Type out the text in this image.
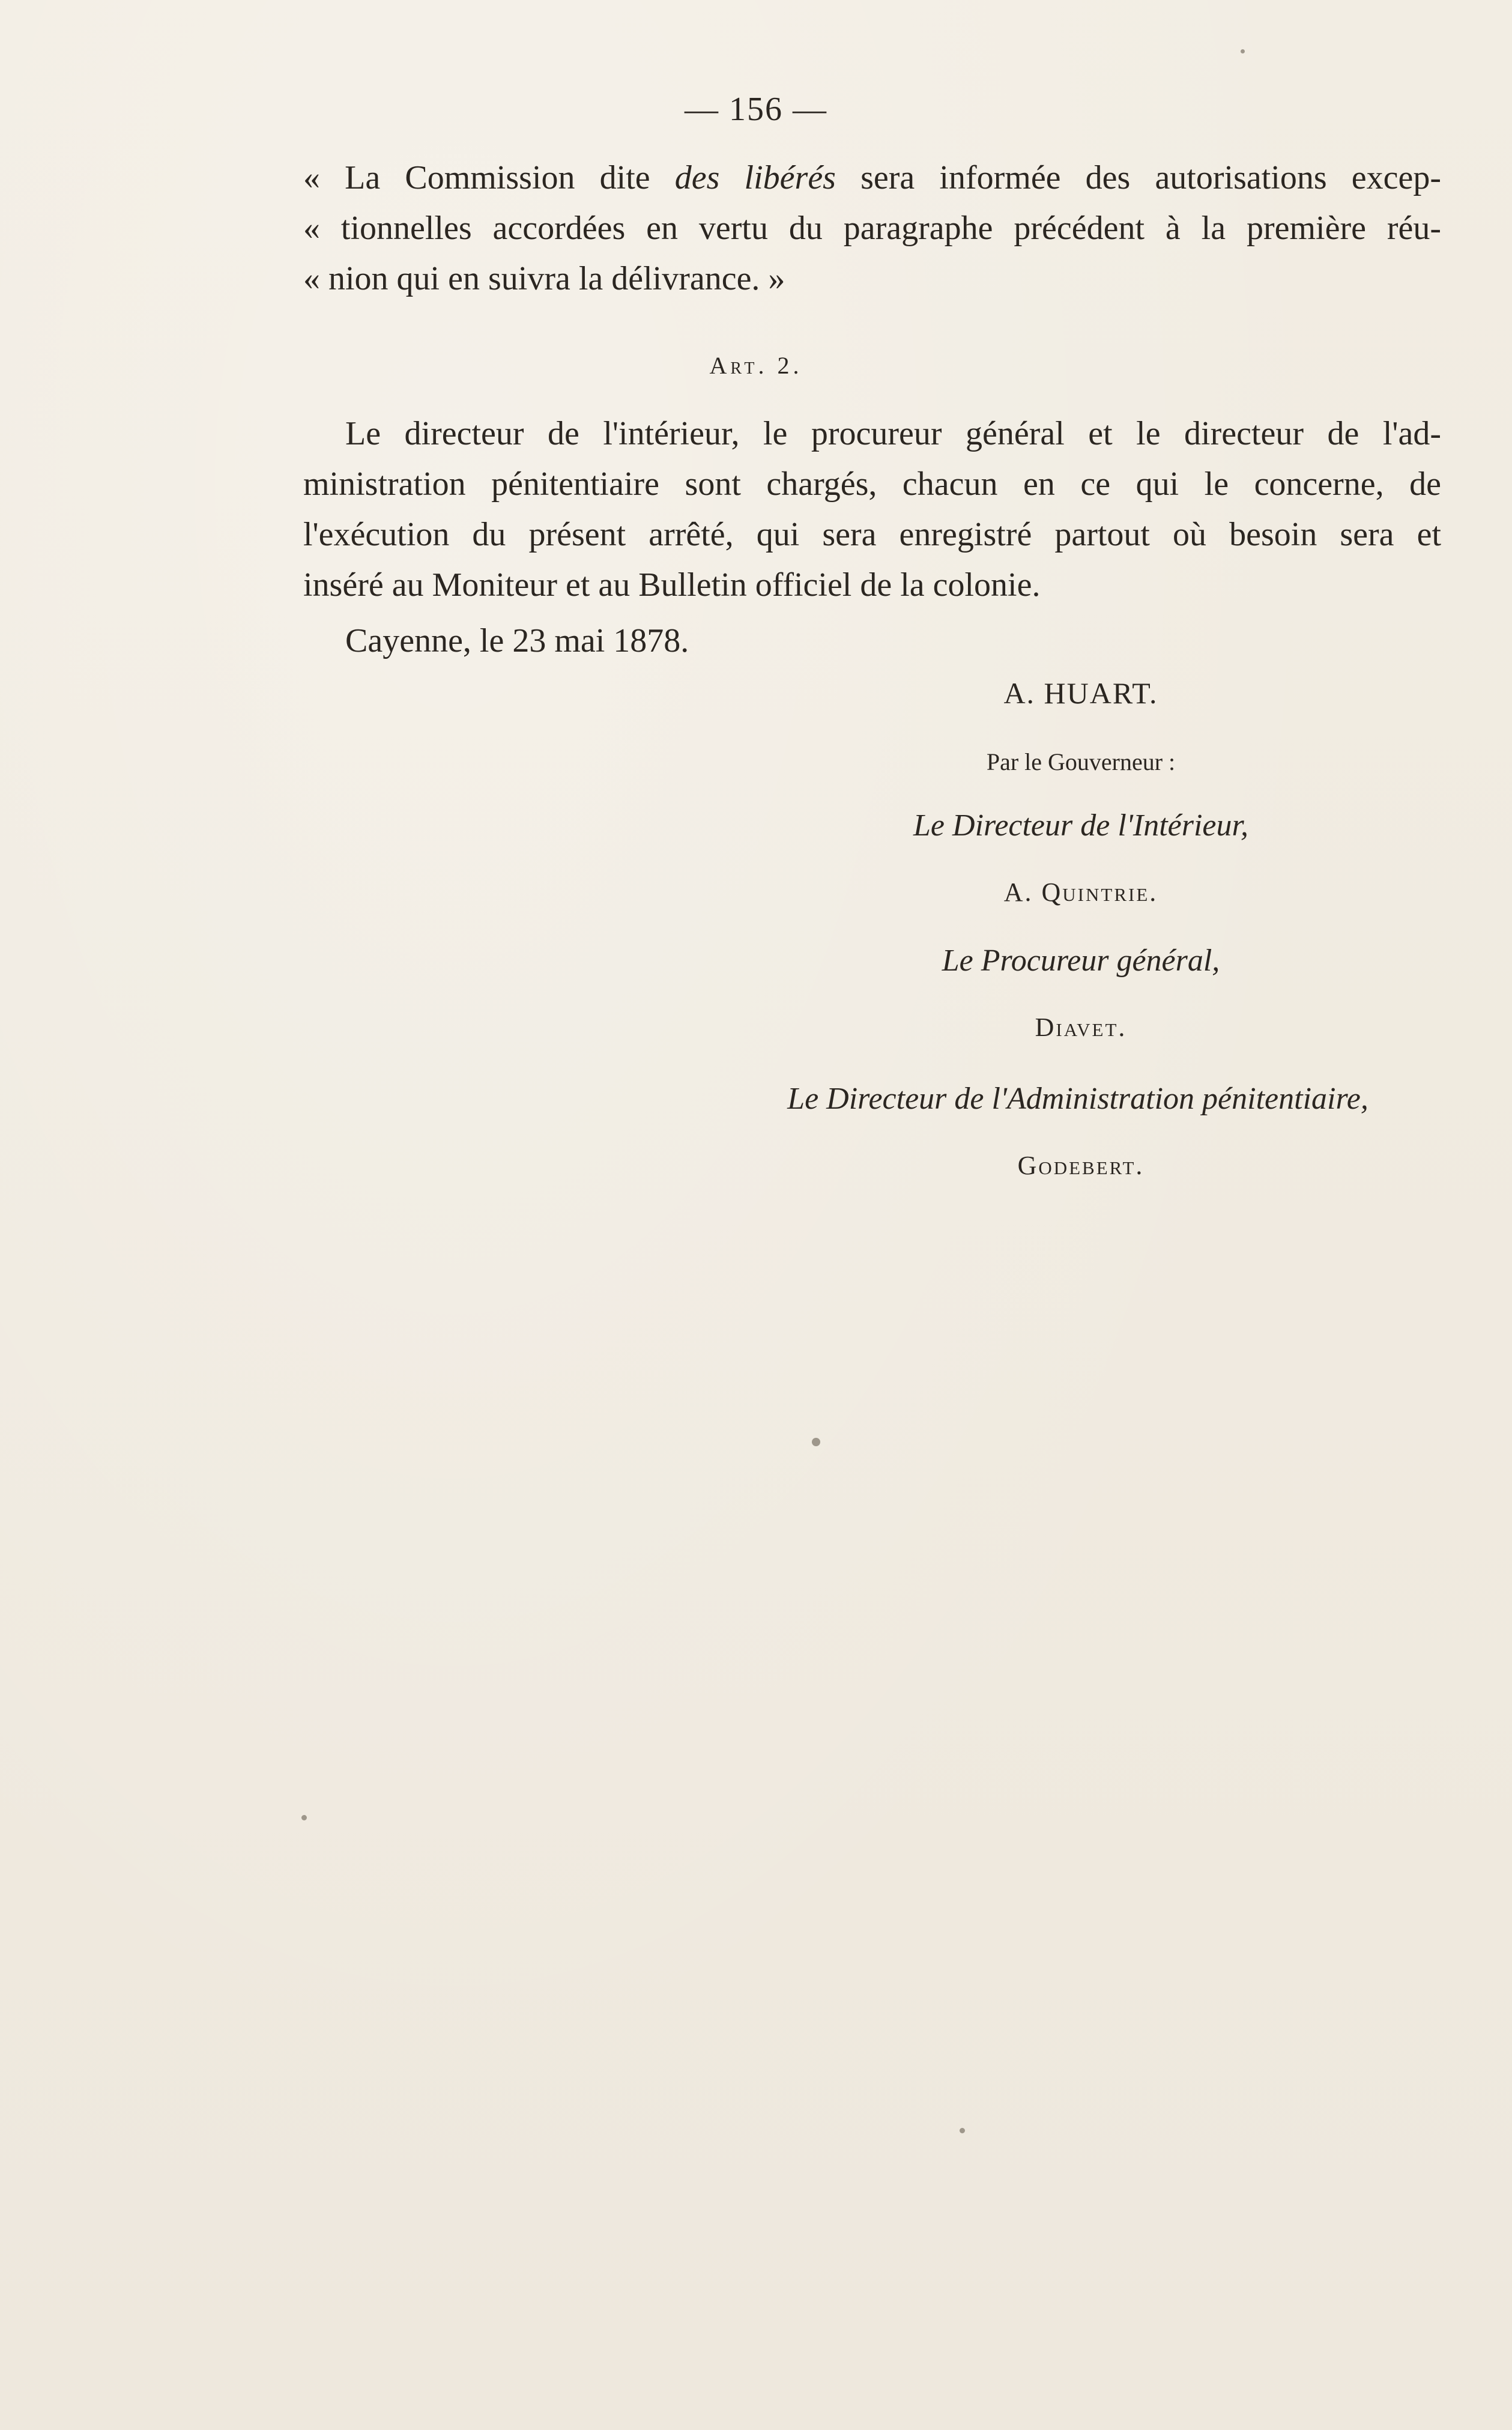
— 156 —
« La Commission dite des libérés sera informée des autorisations excep-
« tionnelles accordées en vertu du paragraphe précédent à la première réu-
« nion qui en suivra la délivrance. »
Art. 2.
Le directeur de l'intérieur, le procureur général et le directeur de l'ad-
ministration pénitentiaire sont chargés, chacun en ce qui le concerne, de
l'exécution du présent arrêté, qui sera enregistré partout où besoin sera et
inséré au Moniteur et au Bulletin officiel de la colonie.
Cayenne, le 23 mai 1878.
A. HUART.
Par le Gouverneur :
Le Directeur de l'Intérieur,
A. Quintrie.
Le Procureur général,
Diavet.
Le Directeur de l'Administration pénitentiaire,
Godebert.
